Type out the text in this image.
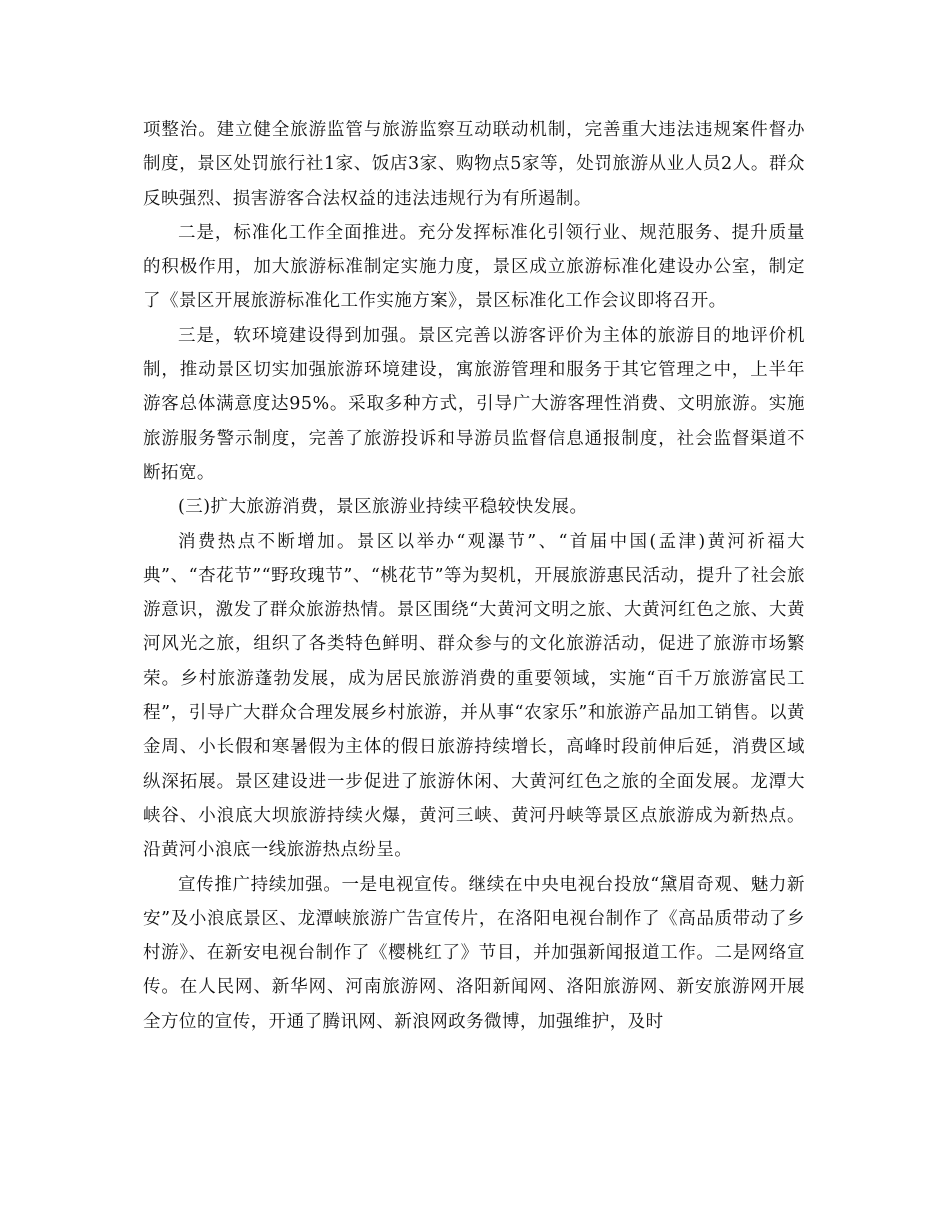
项整治。建立健全旅游监管与旅游监察互动联动机制，完善重大违法违规案件督办制度，景区处罚旅行社1家、饭店3家、购物点5家等，处罚旅游从业人员2人。群众反映强烈、损害游客合法权益的违法违规行为有所遏制。

二是，标准化工作全面推进。充分发挥标准化引领行业、规范服务、提升质量的积极作用，加大旅游标准制定实施力度，景区成立旅游标准化建设办公室，制定了《景区开展旅游标准化工作实施方案》，景区标准化工作会议即将召开。

三是，软环境建设得到加强。景区完善以游客评价为主体的旅游目的地评价机制，推动景区切实加强旅游环境建设，寓旅游管理和服务于其它管理之中，上半年游客总体满意度达95%。采取多种方式，引导广大游客理性消费、文明旅游。实施旅游服务警示制度，完善了旅游投诉和导游员监督信息通报制度，社会监督渠道不断拓宽。

(三)扩大旅游消费，景区旅游业持续平稳较快发展。

消费热点不断增加。景区以举办“观瀑节”、“首届中国(孟津)黄河祈福大典”、“杏花节”“野玫瑰节”、“桃花节”等为契机，开展旅游惠民活动，提升了社会旅游意识，激发了群众旅游热情。景区围绕“大黄河文明之旅、大黄河红色之旅、大黄河风光之旅，组织了各类特色鲜明、群众参与的文化旅游活动，促进了旅游市场繁荣。乡村旅游蓬勃发展，成为居民旅游消费的重要领域，实施“百千万旅游富民工程”，引导广大群众合理发展乡村旅游，并从事“农家乐”和旅游产品加工销售。以黄金周、小长假和寒暑假为主体的假日旅游持续增长，高峰时段前伸后延，消费区域纵深拓展。景区建设进一步促进了旅游休闲、大黄河红色之旅的全面发展。龙潭大峡谷、小浪底大坝旅游持续火爆，黄河三峡、黄河丹峡等景区点旅游成为新热点。沿黄河小浪底一线旅游热点纷呈。

宣传推广持续加强。一是电视宣传。继续在中央电视台投放“黛眉奇观、魅力新安”及小浪底景区、龙潭峡旅游广告宣传片，在洛阳电视台制作了《高品质带动了乡村游》、在新安电视台制作了《樱桃红了》节目，并加强新闻报道工作。二是网络宣传。在人民网、新华网、河南旅游网、洛阳新闻网、洛阳旅游网、新安旅游网开展全方位的宣传，开通了腾讯网、新浪网政务微博，加强维护，及时
